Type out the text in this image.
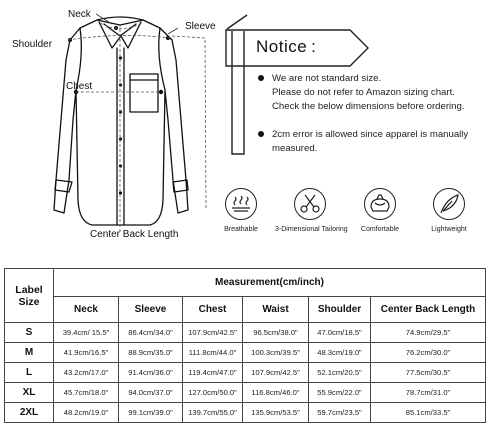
Neck
Sleeve
Shoulder
Chest
Center Back Length
Notice :
We are not standard size.
Please do not refer to Amazon sizing chart.
Check the below dimensions before ordering.
2cm error is allowed since apparel is manually
measured.
Breathable	3-Dimensional Tailoring	Comfortable	Lightweight
Label Size	Measurement(cm/inch)					
	Neck	Sleeve	Chest	Waist	Shoulder	Center Back Length
S	39.4cm/ 15.5"	86.4cm/34.0"	107.9cm/42.5"	96.5cm/38.0"	47.0cm/18.5"	74.9cm/29.5"
M	41.9cm/16.5"	88.9cm/35.0"	111.8cm/44.0"	100.3cm/39.5"	48.3cm/19.0"	76.2cm/30.0"
L	43.2cm/17.0"	91.4cm/36.0"	119.4cm/47.0"	107.9cm/42.5"	52.1cm/20.5"	77.5cm/30.5"
XL	45.7cm/18.0"	94.0cm/37.0"	127.0cm/50.0"	116.8cm/46.0"	55.9cm/22.0"	78.7cm/31.0"
2XL	48.2cm/19.0"	99.1cm/39.0"	139.7cm/55.0"	135.9cm/53.5"	59.7cm/23.5"	85.1cm/33.5"
